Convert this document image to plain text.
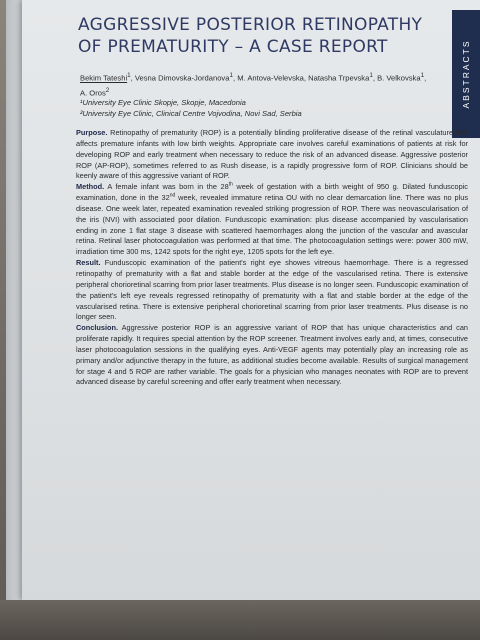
ABSTRACTS
AGGRESSIVE POSTERIOR RETINOPATHY
OF PREMATURITY – A CASE REPORT
Bekim Tateshi$^1$, Vesna Dimovska-Jordanova$^1$, M. Antova-Velevska, Natasha Trpevska$^1$, B. Velkovska$^1$,
A. Oros$^2$
¹University Eye Clinic Skopje, Skopje, Macedonia
²University Eye Clinic, Clinical Centre Vojvodina, Novi Sad, Serbia

Purpose. Retinopathy of prematurity (ROP) is a potentially blinding proliferative disease of the retinal vasculature that affects premature infants with low birth weights. Appropriate care involves careful examinations of patients at risk for developing ROP and early treatment when necessary to reduce the risk of an advanced disease. Aggressive posterior ROP (AP-ROP), sometimes referred to as Rush disease, is a rapidly progressive form of ROP. Clinicians should be keenly aware of this aggressive variant of ROP.

Method. A female infant was born in the 28th week of gestation with a birth weight of 950 g. Dilated funduscopic examination, done in the 32nd week, revealed immature retina OU with no clear demarcation line. There was no plus disease. One week later, repeated examination revealed striking progression of ROP. There was neovascularisation of the iris (NVI) with associated poor dilation. Funduscopic examination: plus disease accompanied by vascularisation ending in zone 1 flat stage 3 disease with scattered haemorrhages along the junction of the vascular and avascular retina. Retinal laser photocoagulation was performed at that time. The photocoagulation settings were: power 300 mW, irradiation time 300 ms, 1242 spots for the right eye, 1205 spots for the left eye.

Result. Funduscopic examination of the patient's right eye showes vitreous haemorrhage. There is a regressed retinopathy of prematurity with a flat and stable border at the edge of the vascularised retina. There is extensive peripheral chorioretinal scarring from prior laser treatments. Plus disease is no longer seen. Funduscopic examination of the patient's left eye reveals regressed retinopathy of prematurity with a flat and stable border at the edge of the vascularised retina. There is extensive peripheral chorioretinal scarring from prior laser treatments. Plus disease is no longer seen.

Conclusion. Aggressive posterior ROP is an aggressive variant of ROP that has unique characteristics and can proliferate rapidly. It requires special attention by the ROP screener. Treatment involves early and, at times, consecutive laser photocoagulation sessions in the qualifying eyes. Anti-VEGF agents may potentially play an increasing role as primary and/or adjunctive therapy in the future, as additional studies become available. Results of surgical management for stage 4 and 5 ROP are rather variable. The goals for a physician who manages neonates with ROP are to prevent advanced disease by careful screening and offer early treatment when necessary.
